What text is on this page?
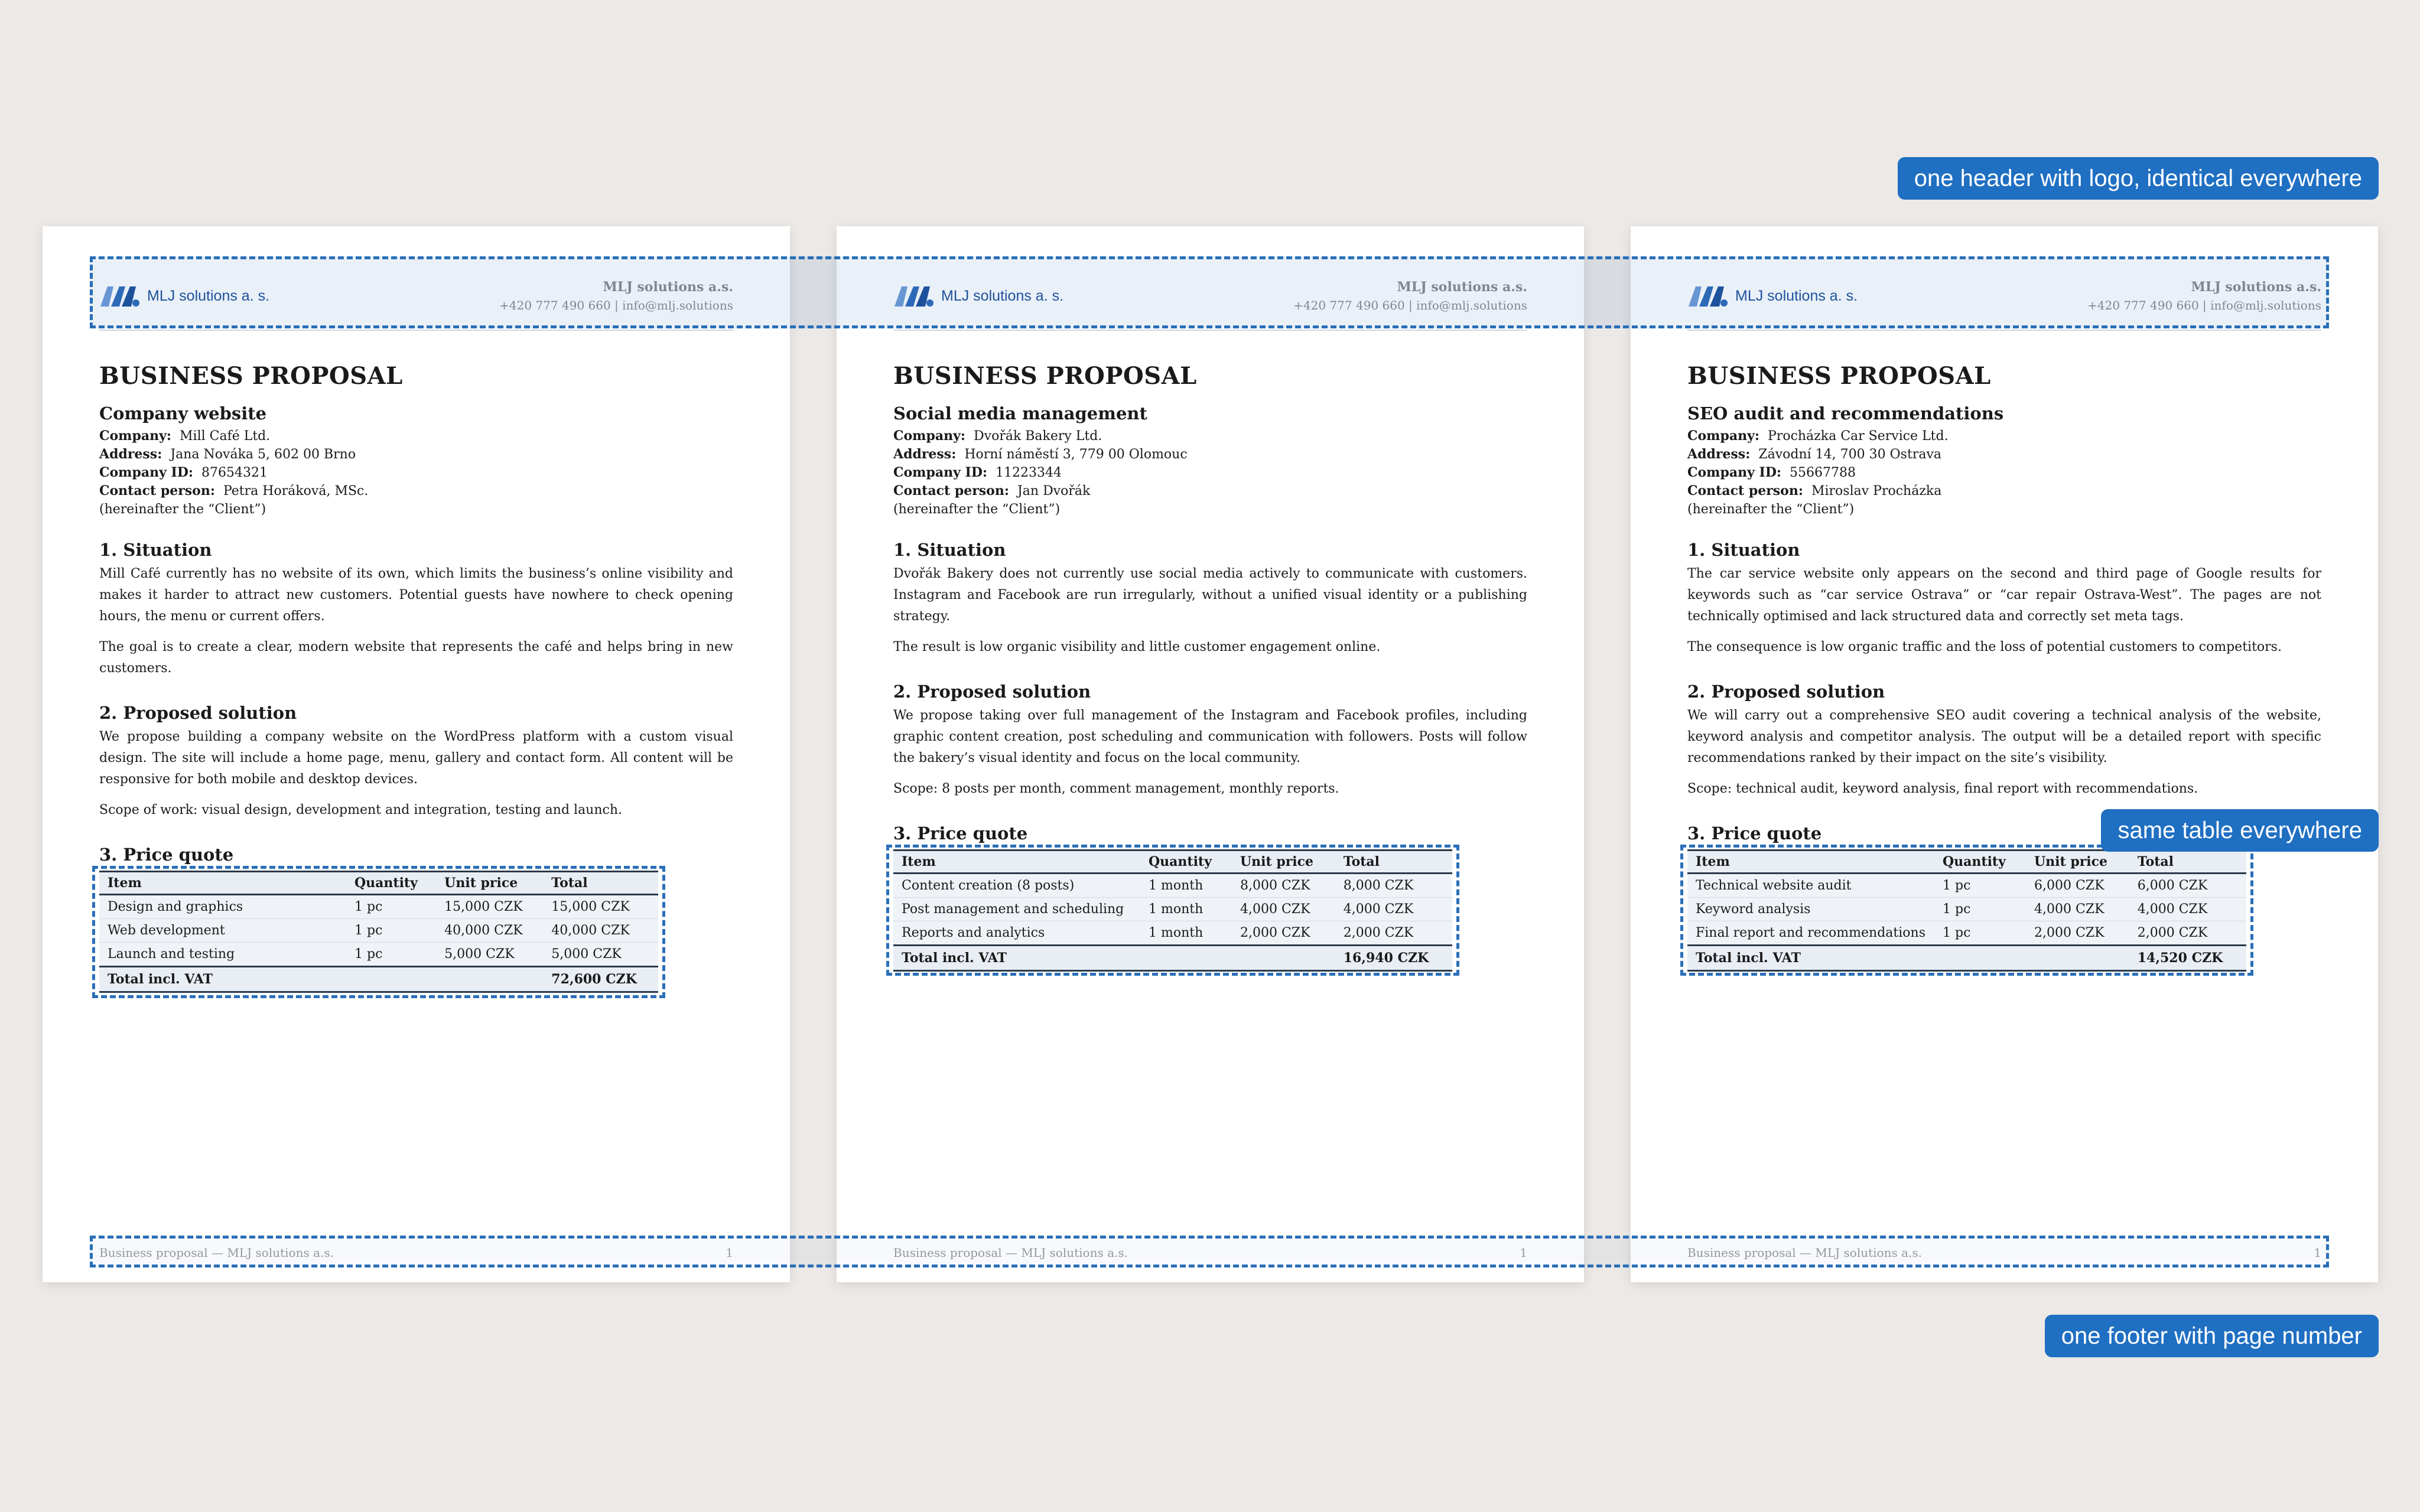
MLJ solutions a. s.
MLJ solutions a.s.
+420 777 490 660 | info@mlj.solutions
BUSINESS PROPOSAL
Company website
Company: Mill Café Ltd.
Address: Jana Nováka 5, 602 00 Brno
Company ID: 87654321
Contact person: Petra Horáková, MSc.
(hereinafter the “Client”)
1. Situation

Mill Café currently has no website of its own, which limits the business’s online visibility and makes it harder to attract new customers. Potential guests have nowhere to check opening hours, the menu or current offers.

The goal is to create a clear, modern website that represents the café and helps bring in new customers.

2. Proposed solution

We propose building a company website on the WordPress platform with a custom visual design. The site will include a home page, menu, gallery and contact form. All content will be responsive for both mobile and desktop devices.

Scope of work: visual design, development and integration, testing and launch.

3. Price quote
Item	Quantity	Unit price	Total
Design and graphics	1 pc	15,000 CZK	15,000 CZK
Web development	1 pc	40,000 CZK	40,000 CZK
Launch and testing	1 pc	5,000 CZK	5,000 CZK
Total incl. VAT			72,600 CZK
Business proposal — MLJ solutions a.s.	1
MLJ solutions a. s.
MLJ solutions a.s.
+420 777 490 660 | info@mlj.solutions
BUSINESS PROPOSAL
Social media management
Company: Dvořák Bakery Ltd.
Address: Horní náměstí 3, 779 00 Olomouc
Company ID: 11223344
Contact person: Jan Dvořák
(hereinafter the “Client”)
1. Situation

Dvořák Bakery does not currently use social media actively to communicate with customers. Instagram and Facebook are run irregularly, without a unified visual identity or a publishing strategy.

The result is low organic visibility and little customer engagement online.

2. Proposed solution

We propose taking over full management of the Instagram and Facebook profiles, including graphic content creation, post scheduling and communication with followers. Posts will follow the bakery’s visual identity and focus on the local community.

Scope: 8 posts per month, comment management, monthly reports.

3. Price quote
Item	Quantity	Unit price	Total
Content creation (8 posts)	1 month	8,000 CZK	8,000 CZK
Post management and scheduling	1 month	4,000 CZK	4,000 CZK
Reports and analytics	1 month	2,000 CZK	2,000 CZK
Total incl. VAT			16,940 CZK
Business proposal — MLJ solutions a.s.	1
MLJ solutions a. s.
MLJ solutions a.s.
+420 777 490 660 | info@mlj.solutions
BUSINESS PROPOSAL
SEO audit and recommendations
Company: Procházka Car Service Ltd.
Address: Závodní 14, 700 30 Ostrava
Company ID: 55667788
Contact person: Miroslav Procházka
(hereinafter the “Client”)
1. Situation

The car service website only appears on the second and third page of Google results for keywords such as “car service Ostrava” or “car repair Ostrava-West”. The pages are not technically optimised and lack structured data and correctly set meta tags.

The consequence is low organic traffic and the loss of potential customers to competitors.

2. Proposed solution

We will carry out a comprehensive SEO audit covering a technical analysis of the website, keyword analysis and competitor analysis. The output will be a detailed report with specific recommendations ranked by their impact on the site’s visibility.

Scope: technical audit, keyword analysis, final report with recommendations.

3. Price quote
Item	Quantity	Unit price	Total
Technical website audit	1 pc	6,000 CZK	6,000 CZK
Keyword analysis	1 pc	4,000 CZK	4,000 CZK
Final report and recommendations	1 pc	2,000 CZK	2,000 CZK
Total incl. VAT			14,520 CZK
Business proposal — MLJ solutions a.s.	1
one header with logo, identical everywhere
same table everywhere
one footer with page number
